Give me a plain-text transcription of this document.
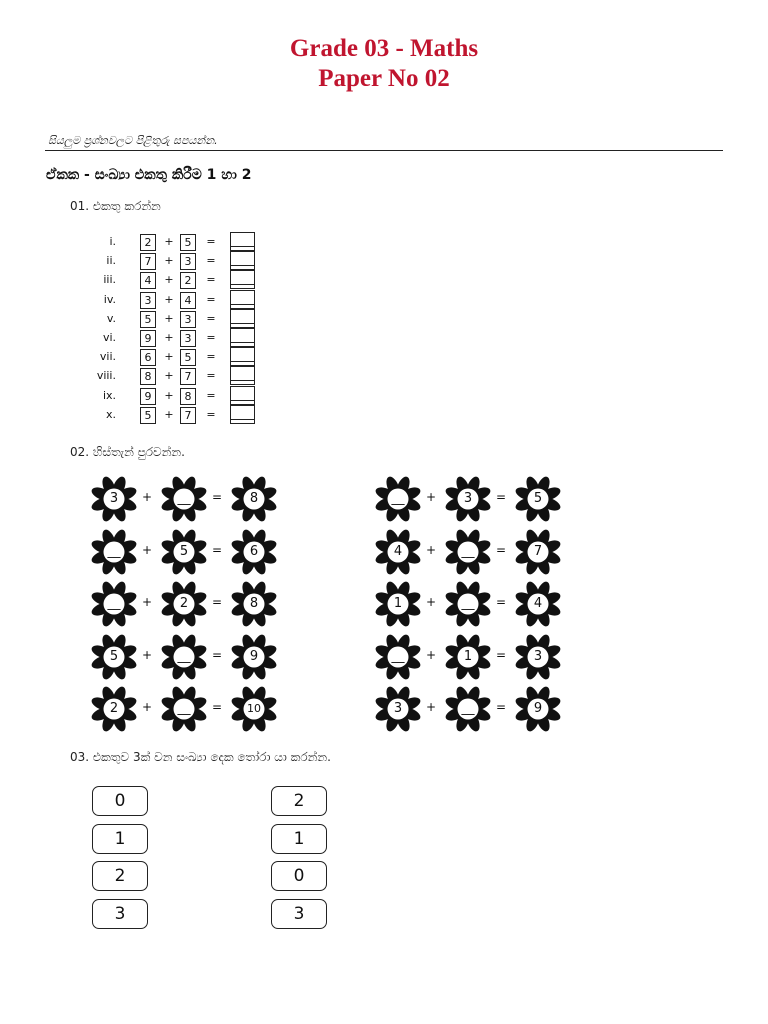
Grade 03 - Maths
Paper No 02
සියලුම ප්‍රශ්නවලට පිළිතුරු සපයන්න.
ඒකක - සංඛ්‍යා එකතු කිරීම 1 හා 2
01. එකතු කරන්න
i.	2	+ 5	=
ii.	7	+ 3	=
iii.	4	+ 2	=
iv.	3	+ 4	=
v.	5	+ 3	=
vi.	9	+ 3	=
vii.	6	+ 5	=
viii.	8	+ 7	=
ix.	9	+ 8	=
x.	5	+ 7	=
02. හිස්තැන් පුරවන්න.
3	+	__	=	8
__	+	5	=	6
__	+	2	=	8
5	+	__	=	9
2	+	__	=	10
__	+	3	=	5
4	+	__	=	7
1	+	__	=	4
__	+	1	=	3
3	+	__	=	9
03. එකතුව 3ක් වන සංඛ්‍යා දෙක තෝරා යා කරන්න.
0
1
2
3
2
1
0
3
